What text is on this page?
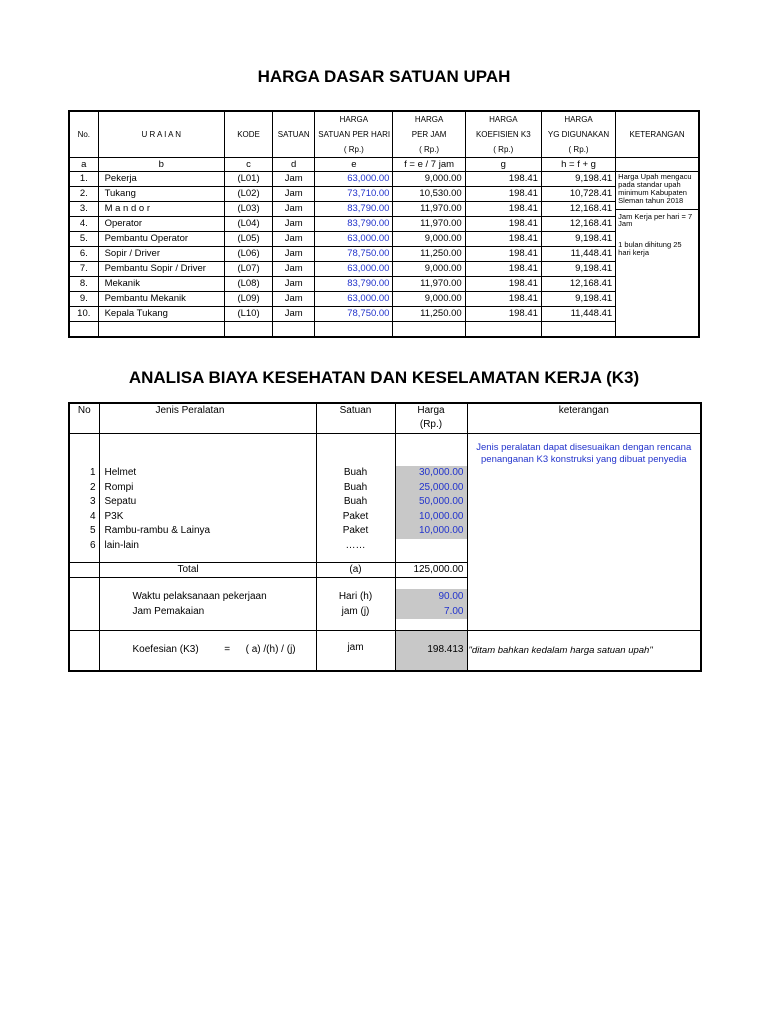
HARGA DASAR SATUAN UPAH
				HARGA	HARGA	HARGA	HARGA	
No.	U R A I A N	KODE	SATUAN	SATUAN PER HARI	PER JAM	KOEFISIEN K3	YG DIGUNAKAN	KETERANGAN
				( Rp.)	( Rp.)	( Rp.)	( Rp.)	
a	b	c	d	e	f = e / 7 jam	g	h = f + g	
1.	Pekerja	(L01)	Jam	63,000.00	9,000.00	198.41	9,198.41	Harga Upah mengacu pada standar upah minimum Kabupaten Sleman tahun 2018
Jam Kerja per hari = 7 Jam
1 bulan dihitung 25 hari kerja

2.	Tukang	(L02)	Jam	73,710.00	10,530.00	198.41	10,728.41	
3.	M a n d o r	(L03)	Jam	83,790.00	11,970.00	198.41	12,168.41	
4.	Operator	(L04)	Jam	83,790.00	11,970.00	198.41	12,168.41	
5.	Pembantu Operator	(L05)	Jam	63,000.00	9,000.00	198.41	9,198.41	
6.	Sopir / Driver	(L06)	Jam	78,750.00	11,250.00	198.41	11,448.41	
7.	Pembantu Sopir / Driver	(L07)	Jam	63,000.00	9,000.00	198.41	9,198.41	
8.	Mekanik	(L08)	Jam	83,790.00	11,970.00	198.41	12,168.41	
9.	Pembantu Mekanik	(L09)	Jam	63,000.00	9,000.00	198.41	9,198.41	
10.	Kepala Tukang	(L10)	Jam	78,750.00	11,250.00	198.41	11,448.41	

ANALISA BIAYA KESEHATAN DAN KESELAMATAN KERJA (K3)
No	Jenis Peralatan	Satuan	Harga	keterangan
			(Rp.)	
				Jenis peralatan dapat disesuaikan dengan rencana penanganan K3 konstruksi yang dibuat penyedia
1	Helmet	Buah	30,000.00	
2	Rompi	Buah	25,000.00	
3	Sepatu	Buah	50,000.00	
4	P3K	Paket	10,000.00	
5	Rambu-rambu & Lainya	Paket	10,000.00	
6	lain-lain	……		

	Total	(a)	125,000.00	

	Waktu pelaksanaan pekerjaan	Hari (h)	90.00	
	Jam Pemakaian	jam (j)	7.00	

	Koefesian (K3) = ( a) /(h) / (j)	jam	198.413	"ditam bahkan kedalam harga satuan upah"
